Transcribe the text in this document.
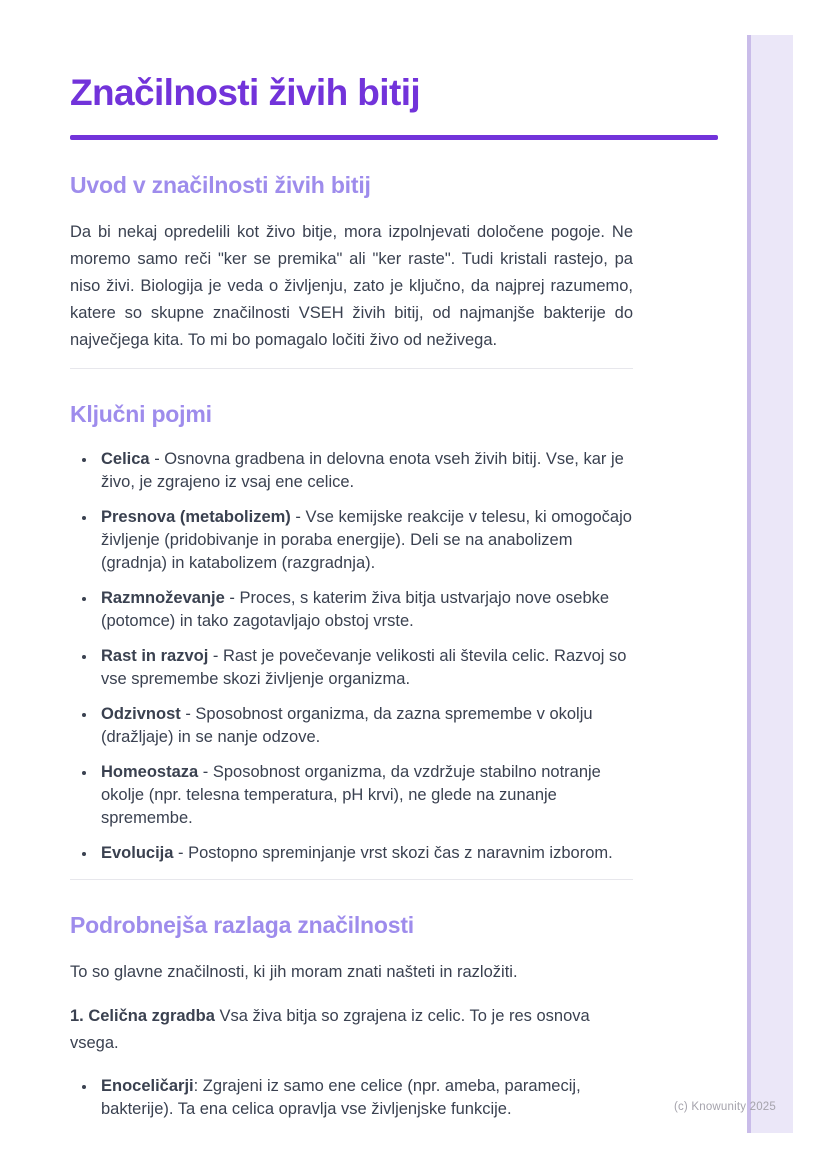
Značilnosti živih bitij
Uvod v značilnosti živih bitij

Da bi nekaj opredelili kot živo bitje, mora izpolnjevati določene pogoje. Ne moremo samo reči "ker se premika" ali "ker raste". Tudi kristali rastejo, pa niso živi. Biologija je veda o življenju, zato je ključno, da najprej razumemo, katere so skupne značilnosti VSEH živih bitij, od najmanjše bakterije do največjega kita. To mi bo pomagalo ločiti živo od neživega.

Ključni pojmi
• Celica - Osnovna gradbena in delovna enota vseh živih bitij. Vse, kar je živo, je zgrajeno iz vsaj ene celice.
• Presnova (metabolizem) - Vse kemijske reakcije v telesu, ki omogočajo življenje (pridobivanje in poraba energije). Deli se na anabolizem (gradnja) in katabolizem (razgradnja).
• Razmnoževanje - Proces, s katerim živa bitja ustvarjajo nove osebke (potomce) in tako zagotavljajo obstoj vrste.
• Rast in razvoj - Rast je povečevanje velikosti ali števila celic. Razvoj so vse spremembe skozi življenje organizma.
• Odzivnost - Sposobnost organizma, da zazna spremembe v okolju (dražljaje) in se nanje odzove.
• Homeostaza - Sposobnost organizma, da vzdržuje stabilno notranje okolje (npr. telesna temperatura, pH krvi), ne glede na zunanje spremembe.
• Evolucija - Postopno spreminjanje vrst skozi čas z naravnim izborom.
Podrobnejša razlaga značilnosti

To so glavne značilnosti, ki jih moram znati našteti in razložiti.

1. Celična zgradba Vsa živa bitja so zgrajena iz celic. To je res osnova vsega.

• Enoceličarji: Zgrajeni iz samo ene celice (npr. ameba, paramecij, bakterije). Ta ena celica opravlja vse življenjske funkcije.	(c) Knowunity 2025
